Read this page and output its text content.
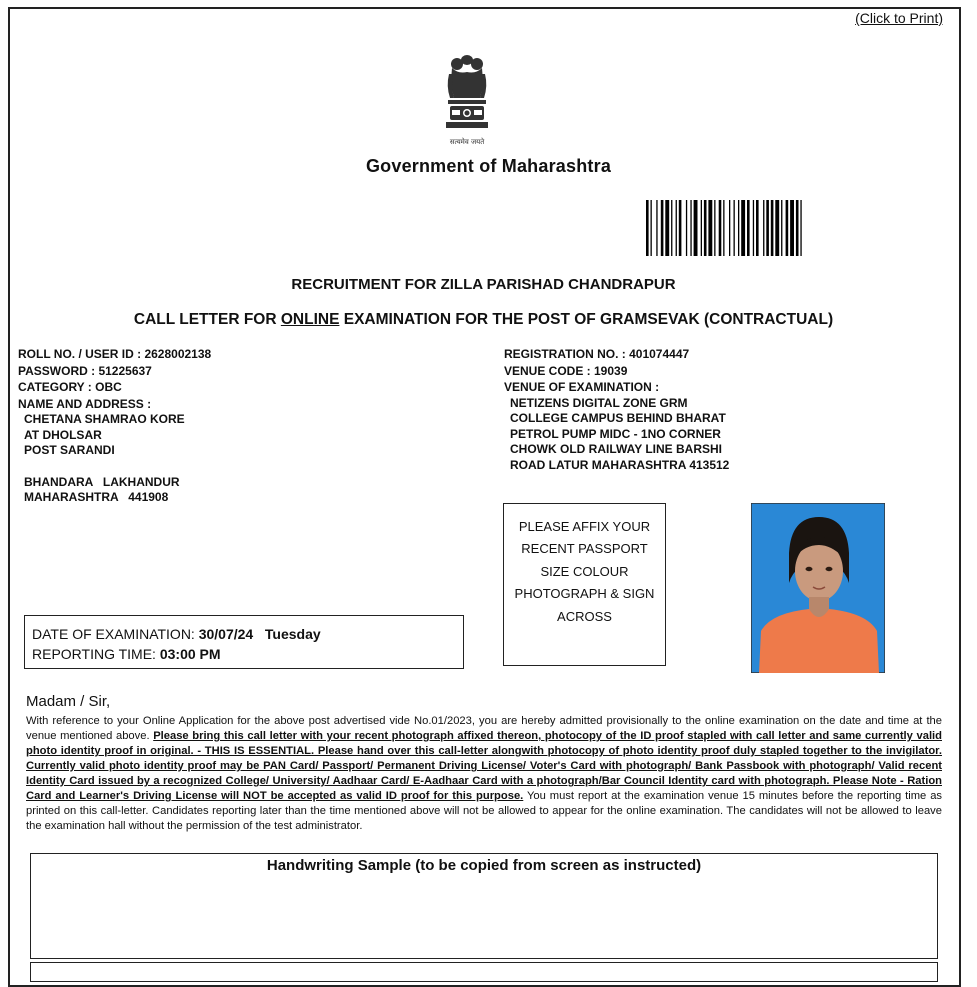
(Click to Print)
सत्यमेव जयते
Government of Maharashtra
RECRUITMENT FOR ZILLA PARISHAD CHANDRAPUR
CALL LETTER FOR ONLINE EXAMINATION FOR THE POST OF GRAMSEVAK (CONTRACTUAL)
ROLL NO. / USER ID : 2628002138
PASSWORD : 51225637
CATEGORY : OBC
NAME AND ADDRESS :
CHETANA SHAMRAO KORE
AT DHOLSAR
POST SARANDI
BHANDARA   LAKHANDUR
MAHARASHTRA   441908
REGISTRATION NO. : 401074447
VENUE CODE : 19039
VENUE OF EXAMINATION :
NETIZENS DIGITAL ZONE GRM
COLLEGE CAMPUS BEHIND BHARAT
PETROL PUMP MIDC - 1NO CORNER
CHOWK OLD RAILWAY LINE BARSHI
ROAD LATUR MAHARASHTRA 413512
DATE OF EXAMINATION: 30/07/24   Tuesday
REPORTING TIME: 03:00 PM
PLEASE AFFIX YOUR
RECENT PASSPORT
SIZE COLOUR
PHOTOGRAPH & SIGN
ACROSS
Madam / Sir,
With reference to your Online Application for the above post advertised vide No.01/2023, you are hereby admitted provisionally to the online examination on the date and time at the venue mentioned above. Please bring this call letter with your recent photograph affixed thereon, photocopy of the ID proof stapled with call letter and same currently valid photo identity proof in original. - THIS IS ESSENTIAL. Please hand over this call-letter alongwith photocopy of photo identity proof duly stapled together to the invigilator. Currently valid photo identity proof may be PAN Card/ Passport/ Permanent Driving License/ Voter's Card with photograph/ Bank Passbook with photograph/ Valid recent Identity Card issued by a recognized College/ University/ Aadhaar Card/ E-Aadhaar Card with a photograph/Bar Council Identity card with photograph. Please Note - Ration Card and Learner's Driving License will NOT be accepted as valid ID proof for this purpose. You must report at the examination venue 15 minutes before the reporting time as printed on this call-letter. Candidates reporting later than the time mentioned above will not be allowed to appear for the online examination. The candidates will not be allowed to leave the examination hall without the permission of the test administrator.
Handwriting Sample (to be copied from screen as instructed)
